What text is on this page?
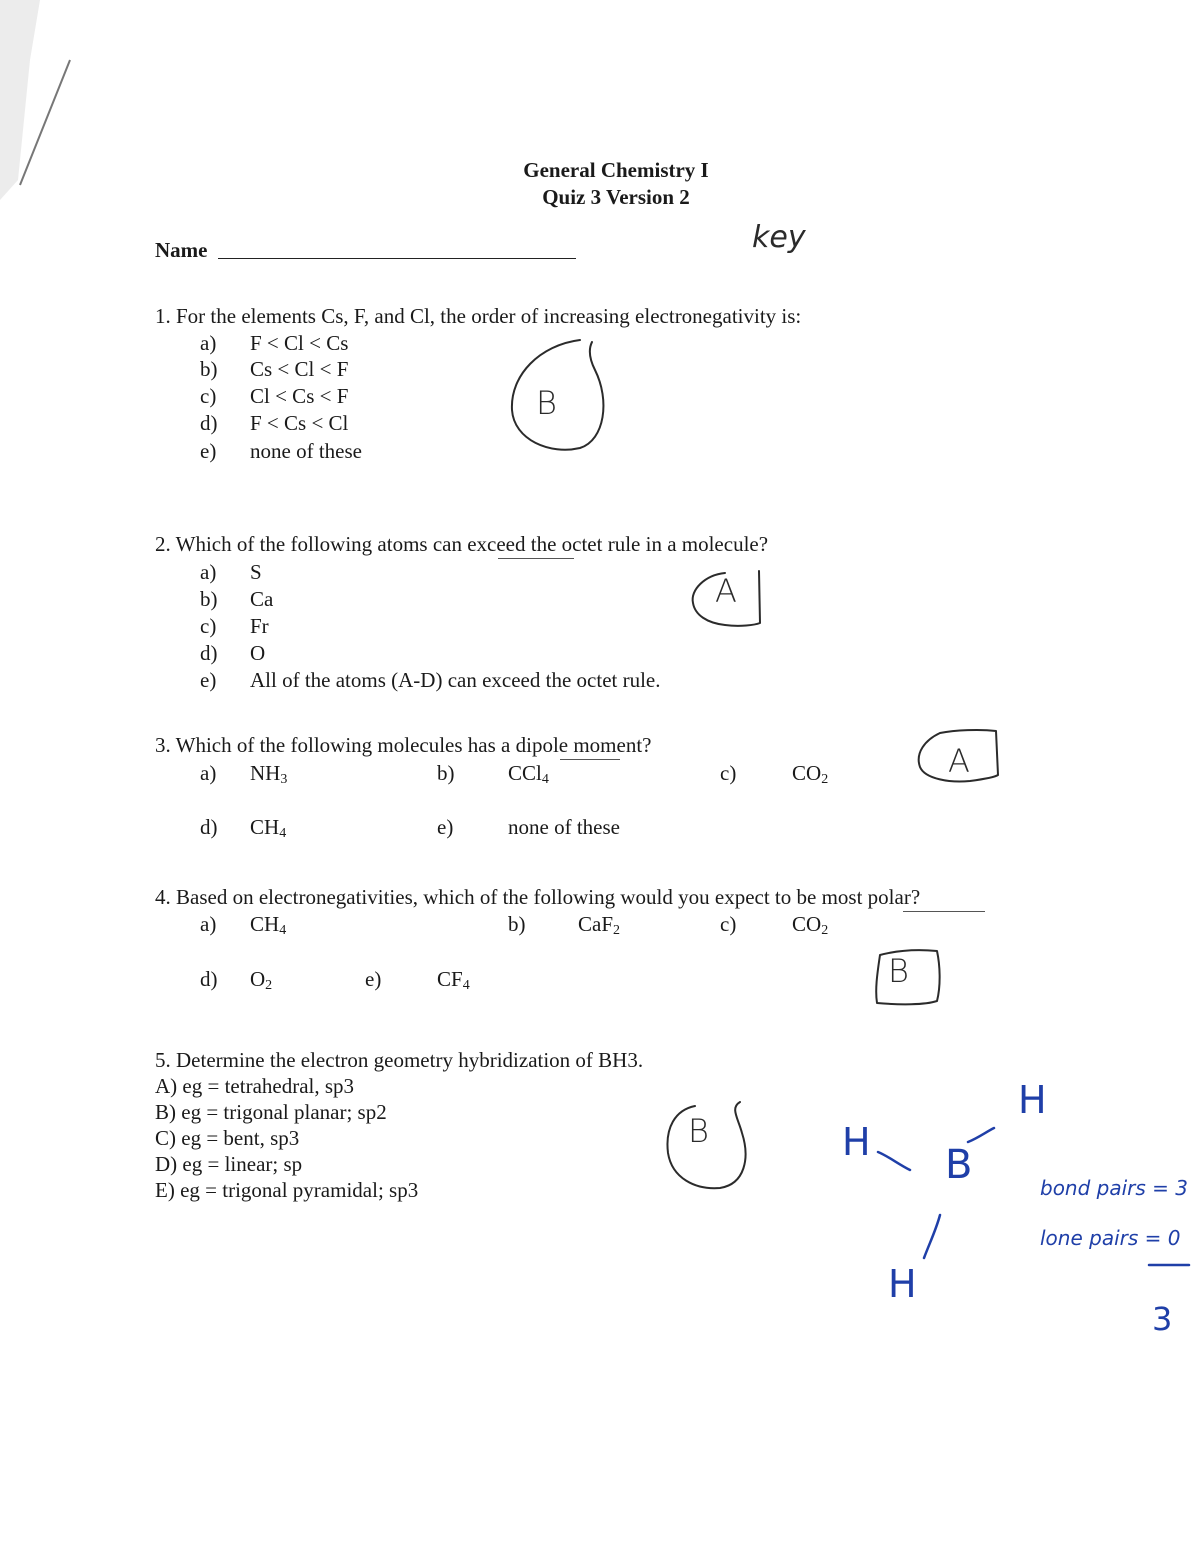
General Chemistry I
Quiz 3 Version 2
Name	key
1. For the elements Cs, F, and Cl, the order of increasing electronegativity is:
a) F < Cl < Cs
b) Cs < Cl < F
c) Cl < Cs < F
d) F < Cs < Cl
e) none of these
B
2. Which of the following atoms can exceed the octet rule in a molecule?
a) S
b) Ca
c) Fr
d) O
e) All of the atoms (A-D) can exceed the octet rule.
A
3. Which of the following molecules has a dipole moment?
a) $NH_3$	b)	CCl$_4$	c)	$CO_2$
d) $CH_4$	e)	none of these
A
4. Based on electronegativities, which of the following would you expect to be most polar?
a) $CH_4$	b)	CaF$_2$	c)	$CO_2$
d) $O_2$	e)	$CF_4$	B
5. Determine the electron geometry hybridization of BH3.
A) eg = tetrahedral, sp3
B) eg = trigonal planar; sp2
C) eg = bent, sp3
D) eg = linear; sp
E) eg = trigonal pyramidal; sp3
B
H
H B
H
bond pairs = 3
lone pairs = 0
3
